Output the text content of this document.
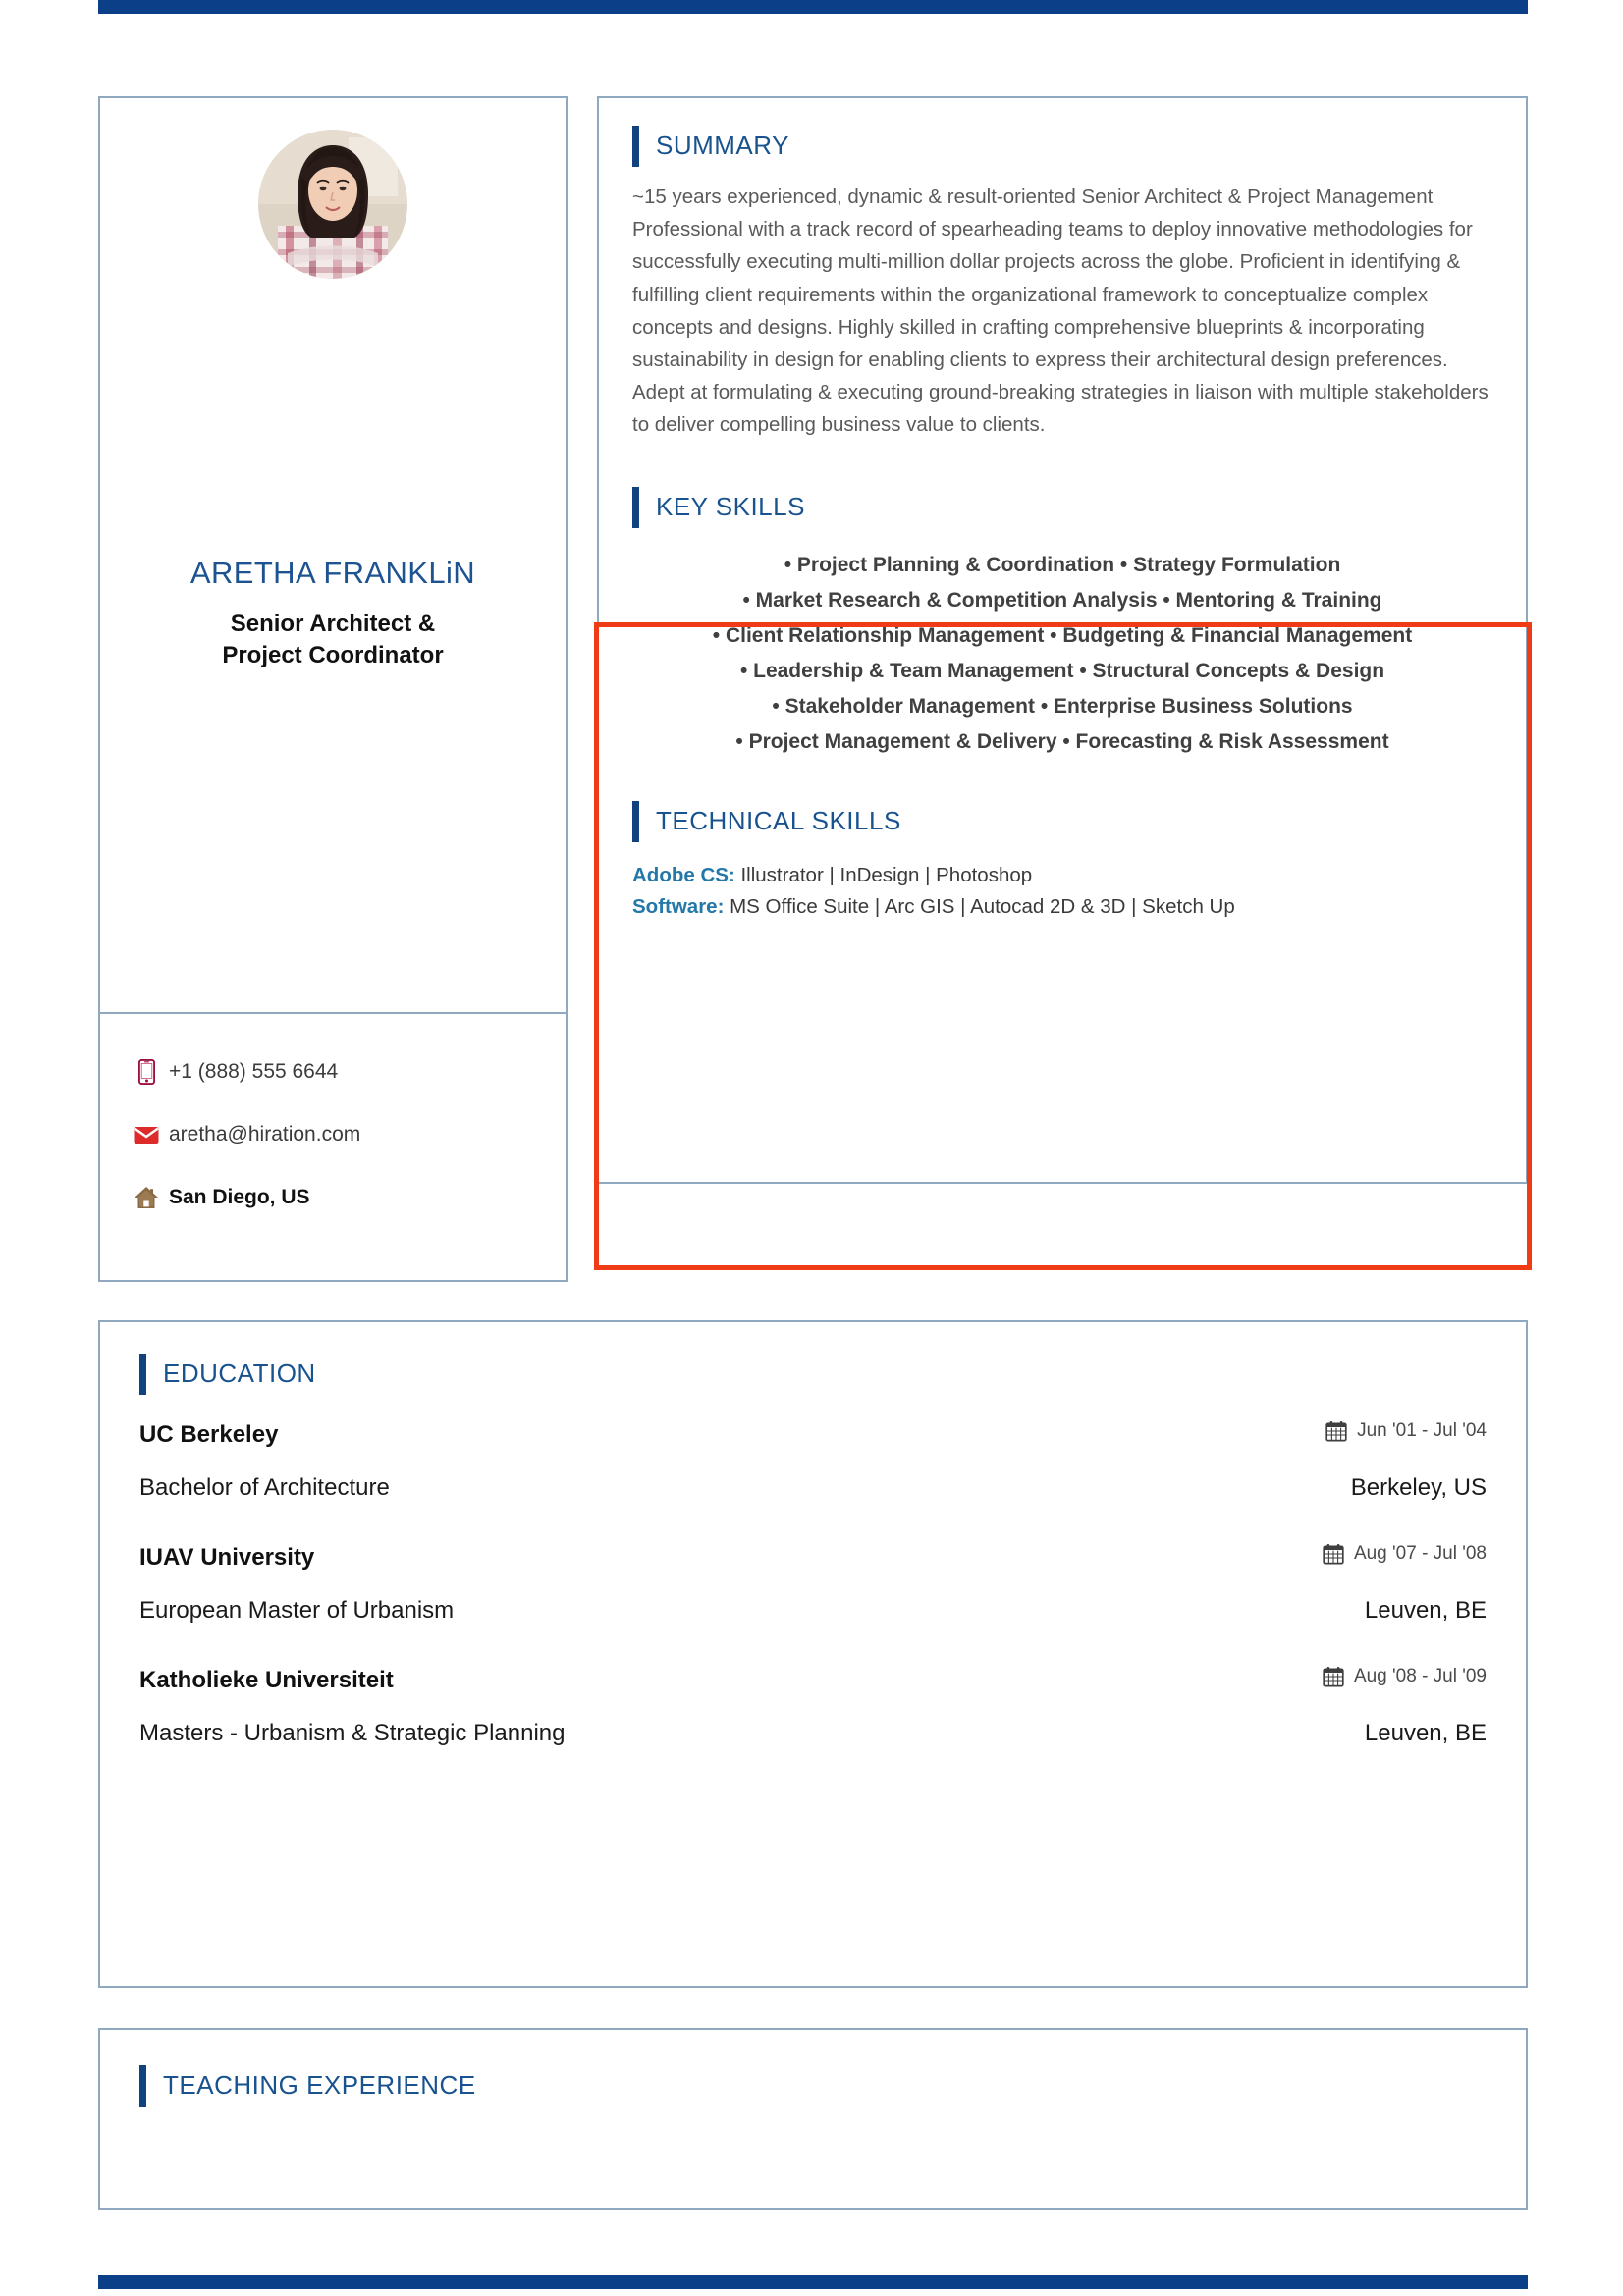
ARETHA FRANKLiN
Senior Architect &
Project Coordinator
+1 (888) 555 6644
aretha@hiration.com
San Diego, US
SUMMARY
~15 years experienced, dynamic & result-oriented Senior Architect & Project Management Professional with a track record of spearheading teams to deploy innovative methodologies for successfully executing multi-million dollar projects across the globe. Proficient in identifying & fulfilling client requirements within the organizational framework to conceptualize complex concepts and designs. Highly skilled in crafting comprehensive blueprints & incorporating sustainability in design for enabling clients to express their architectural design preferences. Adept at formulating & executing ground-breaking strategies in liaison with multiple stakeholders to deliver compelling business value to clients.
KEY SKILLS
• Project Planning & Coordination • Strategy Formulation
• Market Research & Competition Analysis • Mentoring & Training
• Client Relationship Management • Budgeting & Financial Management
• Leadership & Team Management • Structural Concepts & Design
• Stakeholder Management • Enterprise Business Solutions
• Project Management & Delivery • Forecasting & Risk Assessment
TECHNICAL SKILLS
Adobe CS: Illustrator | InDesign | Photoshop
Software: MS Office Suite | Arc GIS | Autocad 2D & 3D | Sketch Up
EDUCATION
UC Berkeley	Jun '01 - Jul '04
Bachelor of Architecture	Berkeley, US
IUAV University	Aug '07 - Jul '08
European Master of Urbanism	Leuven, BE
Katholieke Universiteit	Aug '08 - Jul '09
Masters - Urbanism & Strategic Planning	Leuven, BE
TEACHING EXPERIENCE
